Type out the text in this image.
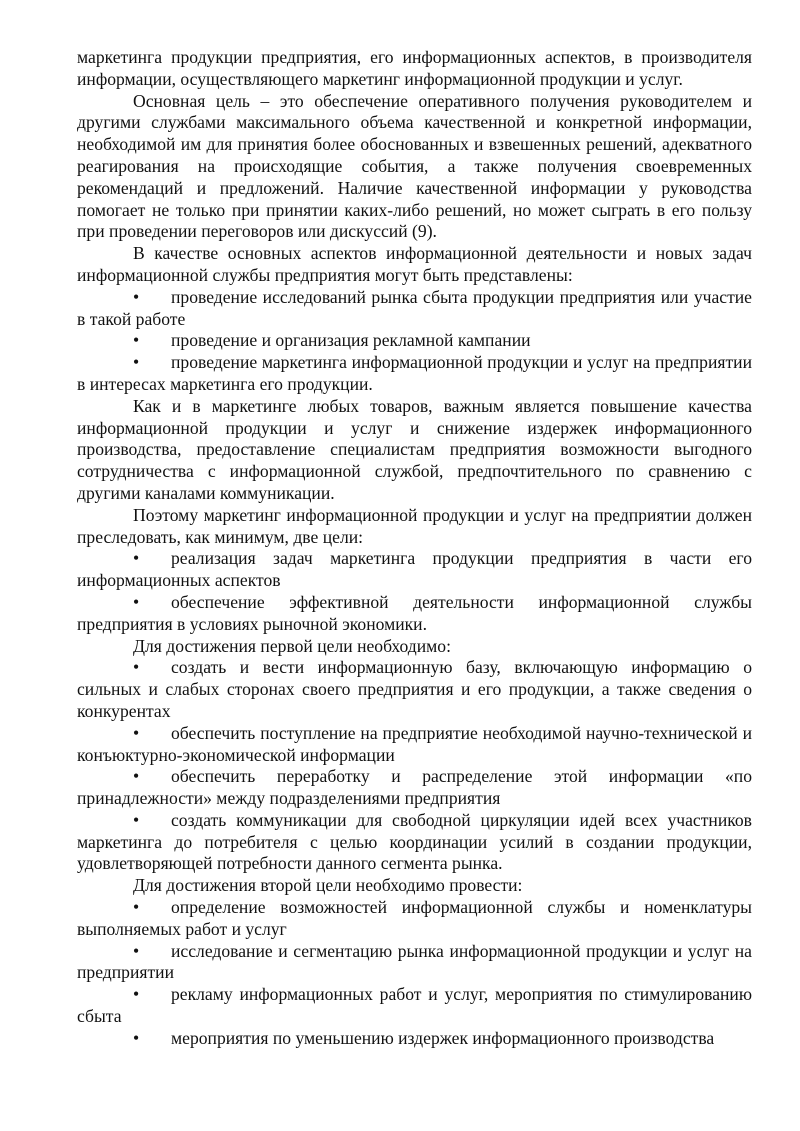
маркетинга продукции предприятия, его информационных аспектов, в производителя информации, осуществляющего маркетинг информационной продукции и услуг.

Основная цель – это обеспечение оперативного получения руководителем и другими службами максимального объема качественной и конкретной информации, необходимой им для принятия более обоснованных и взвешенных решений, адекватного реагирования на происходящие события, а также получения своевременных рекомендаций и предложений. Наличие качественной информации у руководства помогает не только при принятии каких-либо решений, но может сыграть в его пользу при проведении переговоров или дискуссий (9).

В качестве основных аспектов информационной деятельности и новых задач информационной службы предприятия могут быть представлены:

• проведение исследований рынка сбыта продукции предприятия или участие в такой работе

• проведение и организация рекламной кампании

• проведение маркетинга информационной продукции и услуг на предприятии в интересах маркетинга его продукции.

Как и в маркетинге любых товаров, важным является повышение качества информационной продукции и услуг и снижение издержек информационного производства, предоставление специалистам предприятия возможности выгодного сотрудничества с информационной службой, предпочтительного по сравнению с другими каналами коммуникации.

Поэтому маркетинг информационной продукции и услуг на предприятии должен преследовать, как минимум, две цели:

• реализация задач маркетинга продукции предприятия в части его информационных аспектов

• обеспечение эффективной деятельности информационной службы предприятия в условиях рыночной экономики.

Для достижения первой цели необходимо:

• создать и вести информационную базу, включающую информацию о сильных и слабых сторонах своего предприятия и его продукции, а также сведения о конкурентах

• обеспечить поступление на предприятие необходимой научно-технической и конъюктурно-экономической информации

• обеспечить переработку и распределение этой информации «по принадлежности» между подразделениями предприятия

• создать коммуникации для свободной циркуляции идей всех участников маркетинга до потребителя с целью координации усилий в создании продукции, удовлетворяющей потребности данного сегмента рынка.

Для достижения второй цели необходимо провести:

• определение возможностей информационной службы и номенклатуры выполняемых работ и услуг

• исследование и сегментацию рынка информационной продукции и услуг на предприятии

• рекламу информационных работ и услуг, мероприятия по стимулированию сбыта

• мероприятия по уменьшению издержек информационного производства
